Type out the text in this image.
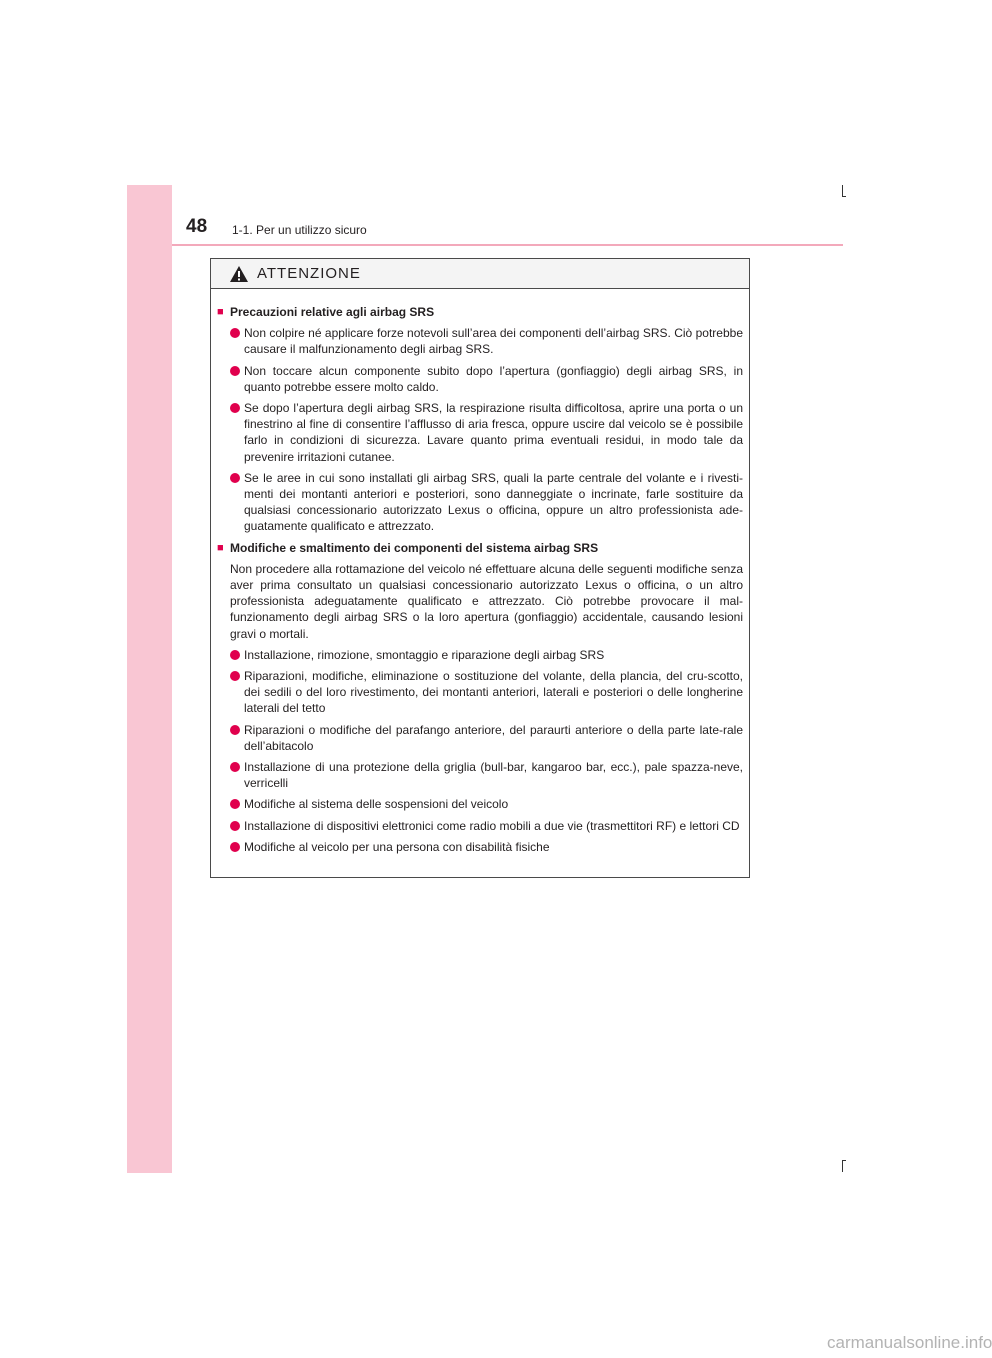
48 1-1. Per un utilizzo sicuro
ATTENZIONE
■ Precauzioni relative agli airbag SRS
Non colpire né applicare forze notevoli sull’area dei componenti dell’airbag SRS. Ciò potrebbe causare il malfunzionamento degli airbag SRS.
Non toccare alcun componente subito dopo l’apertura (gonfiaggio) degli airbag SRS, in quanto potrebbe essere molto caldo.
Se dopo l’apertura degli airbag SRS, la respirazione risulta difficoltosa, aprire una porta o un finestrino al fine di consentire l’afflusso di aria fresca, oppure uscire dal veicolo se è possibile farlo in condizioni di sicurezza. Lavare quanto prima eventuali residui, in modo tale da prevenire irritazioni cutanee.
Se le aree in cui sono installati gli airbag SRS, quali la parte centrale del volante e i rivesti-menti dei montanti anteriori e posteriori, sono danneggiate o incrinate, farle sostituire da qualsiasi concessionario autorizzato Lexus o officina, oppure un altro professionista ade-guatamente qualificato e attrezzato.
■ Modifiche e smaltimento dei componenti del sistema airbag SRS
Non procedere alla rottamazione del veicolo né effettuare alcuna delle seguenti modifiche senza aver prima consultato un qualsiasi concessionario autorizzato Lexus o officina, o un altro professionista adeguatamente qualificato e attrezzato. Ciò potrebbe provocare il mal-funzionamento degli airbag SRS o la loro apertura (gonfiaggio) accidentale, causando lesioni gravi o mortali.
Installazione, rimozione, smontaggio e riparazione degli airbag SRS
Riparazioni, modifiche, eliminazione o sostituzione del volante, della plancia, del cru-scotto, dei sedili o del loro rivestimento, dei montanti anteriori, laterali e posteriori o delle longherine laterali del tetto
Riparazioni o modifiche del parafango anteriore, del paraurti anteriore o della parte late-rale dell’abitacolo
Installazione di una protezione della griglia (bull-bar, kangaroo bar, ecc.), pale spazza-neve, verricelli
Modifiche al sistema delle sospensioni del veicolo
Installazione di dispositivi elettronici come radio mobili a due vie (trasmettitori RF) e lettori CD
Modifiche al veicolo per una persona con disabilità fisiche
carmanualsonline.info
